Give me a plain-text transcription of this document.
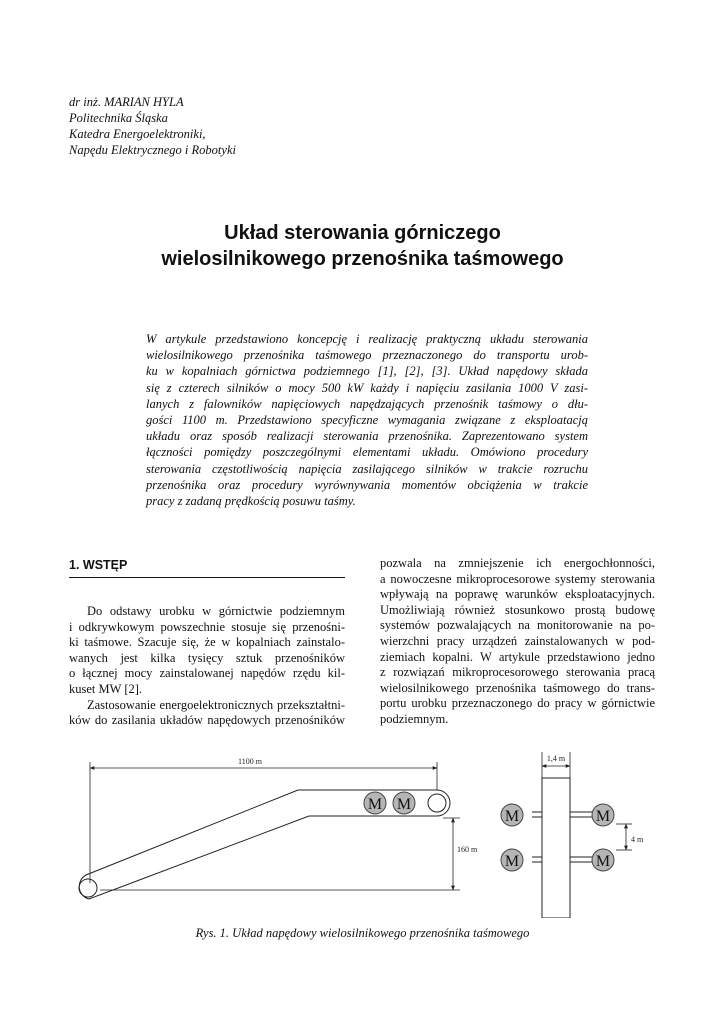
dr inż. MARIAN HYLA
Politechnika Śląska
Katedra Energoelektroniki,
Napędu Elektrycznego i Robotyki
Układ sterowania górniczego
wielosilnikowego przenośnika taśmowego
W artykule przedstawiono koncepcję i realizację praktyczną układu sterowania
wielosilnikowego przenośnika taśmowego przeznaczonego do transportu urob-
ku w kopalniach górnictwa podziemnego [1], [2], [3]. Układ napędowy składa
się z czterech silników o mocy 500 kW każdy i napięciu zasilania 1000 V zasi-
lanych z falowników napięciowych napędzających przenośnik taśmowy o dłu-
gości 1100 m. Przedstawiono specyficzne wymagania związane z eksploatacją
układu oraz sposób realizacji sterowania przenośnika. Zaprezentowano system
łączności pomiędzy poszczególnymi elementami układu. Omówiono procedury
sterowania częstotliwością napięcia zasilającego silników w trakcie rozruchu
przenośnika oraz procedury wyrównywania momentów obciążenia w trakcie
pracy z zadaną prędkością posuwu taśmy.
1. WSTĘP
Do odstawy urobku w górnictwie podziemnym
i odkrywkowym powszechnie stosuje się przenośni-
ki taśmowe. Szacuje się, że w kopalniach zainstalo-
wanych jest kilka tysięcy sztuk przenośników
o łącznej mocy zainstalowanej napędów rzędu kil-
kuset MW [2].
Zastosowanie energoelektronicznych przekształtni-
ków do zasilania układów napędowych przenośników
pozwala na zmniejszenie ich energochłonności,
a nowoczesne mikroprocesorowe systemy sterowania
wpływają na poprawę warunków eksploatacyjnych.
Umożliwiają również stosunkowo prostą budowę
systemów pozwalających na monitorowanie na po-
wierzchni pracy urządzeń zainstalowanych w pod-
ziemiach kopalni. W artykule przedstawiono jedno
z rozwiązań mikroprocesorowego sterowania pracą
wielosilnikowego przenośnika taśmowego do trans-
portu urobku przeznaczonego do pracy w górnictwie
podziemnym.
M M
1100 m
160 m
M	M
M	M
1,4 m
4 m
Rys. 1. Układ napędowy wielosilnikowego przenośnika taśmowego
